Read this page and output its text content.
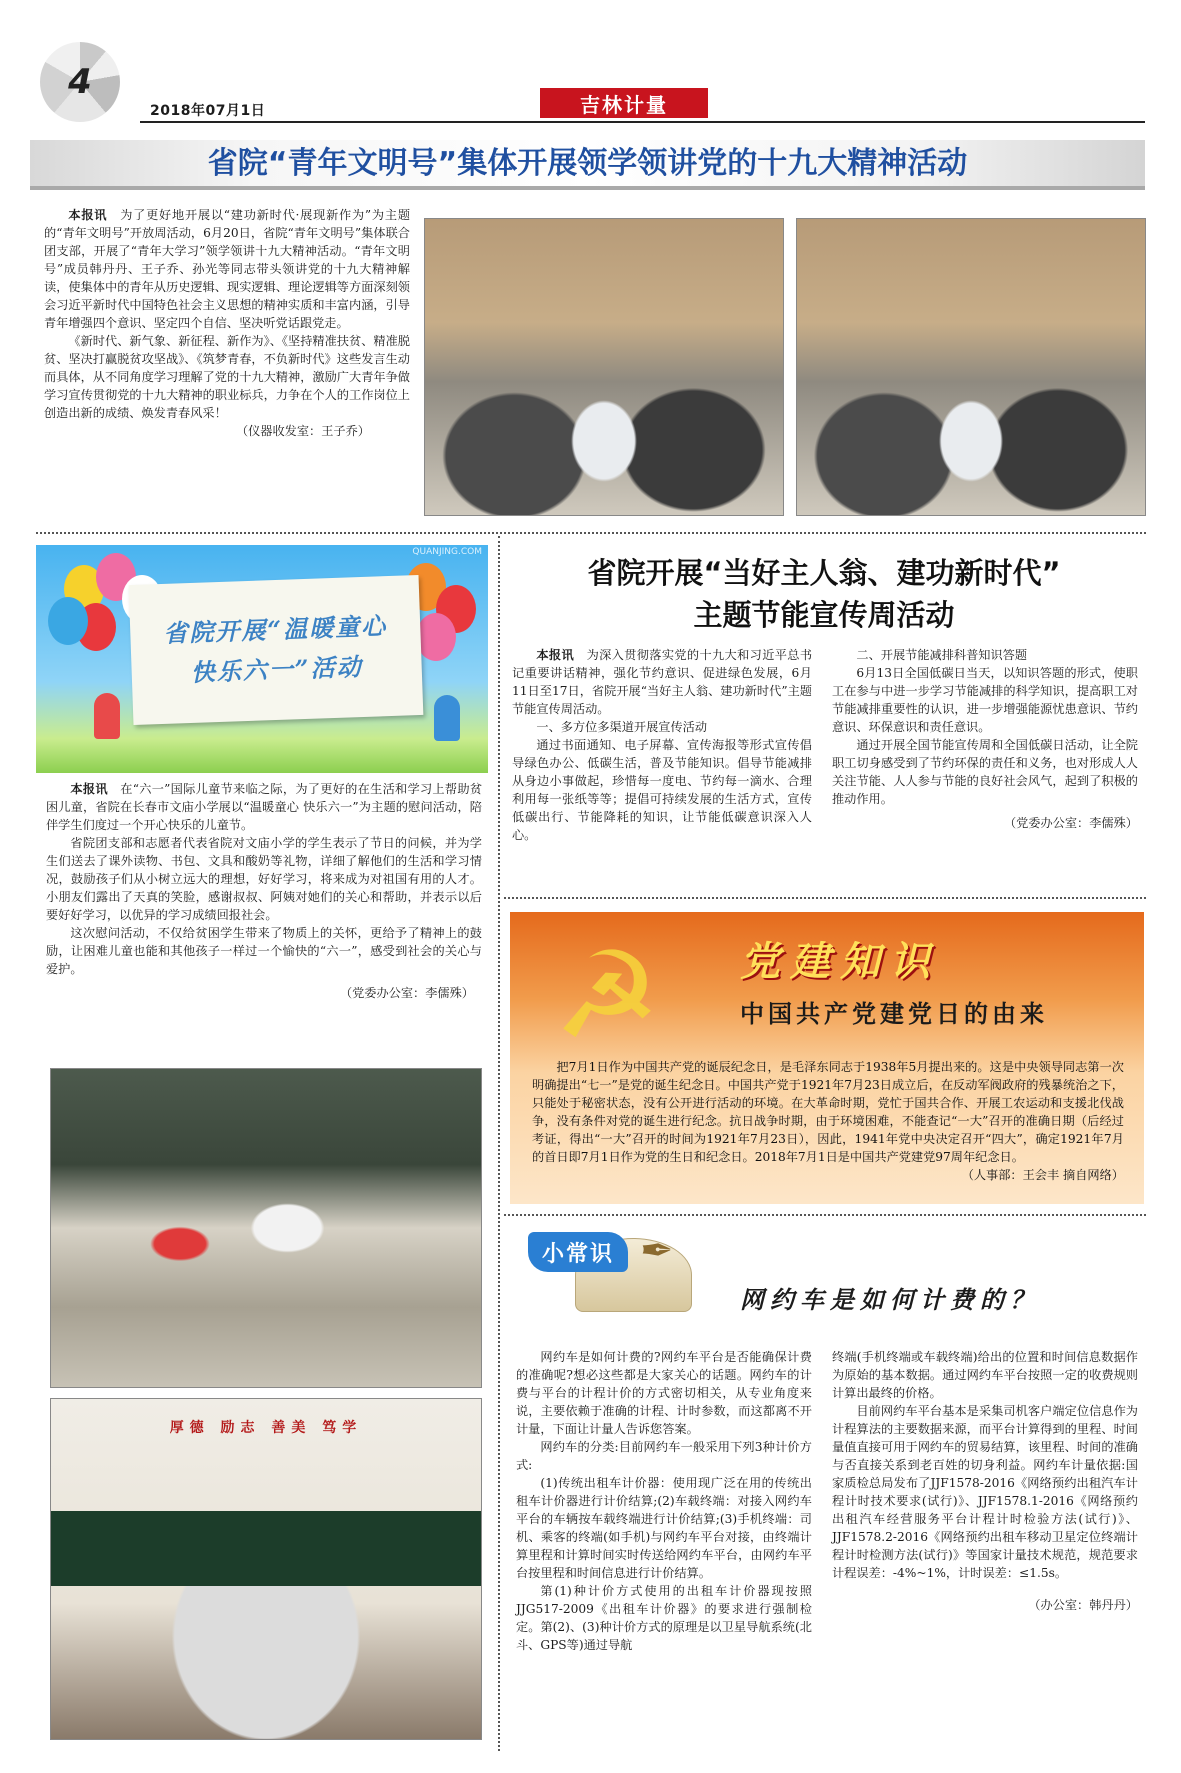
4
2018年07月1日	吉林计量
省院“青年文明号”集体开展领学领讲党的十九大精神活动

本报讯　 为了更好地开展以“建功新时代·展现新作为”为主题的“青年文明号”开放周活动，6月20日，省院“青年文明号”集体联合团支部，开展了“青年大学习”领学领讲十九大精神活动。“青年文明号”成员韩丹丹、王子乔、孙光等同志带头领讲党的十九大精神解读，使集体中的青年从历史逻辑、现实逻辑、理论逻辑等方面深刻领会习近平新时代中国特色社会主义思想的精神实质和丰富内涵，引导青年增强四个意识、坚定四个自信、坚决听党话跟党走。

《新时代、新气象、新征程、新作为》、《坚持精准扶贫、精准脱贫、坚决打赢脱贫攻坚战》、《筑梦青春，不负新时代》这些发言生动而具体，从不同角度学习理解了党的十九大精神，激励广大青年争做学习宣传贯彻党的十九大精神的职业标兵，力争在个人的工作岗位上创造出新的成绩、焕发青春风采！

（仪器收发室：王子乔）

QUANJING.COM
省院开展“温暖童心
快乐六一”活动

本报讯　 在“六一”国际儿童节来临之际，为了更好的在生活和学习上帮助贫困儿童，省院在长春市文庙小学展以“温暖童心 快乐六一”为主题的慰问活动，陪伴学生们度过一个开心快乐的儿童节。

省院团支部和志愿者代表省院对文庙小学的学生表示了节日的问候，并为学生们送去了课外读物、书包、文具和酸奶等礼物，详细了解他们的生活和学习情况，鼓励孩子们从小树立远大的理想，好好学习，将来成为对祖国有用的人才。小朋友们露出了天真的笑脸，感谢叔叔、阿姨对她们的关心和帮助，并表示以后要好好学习，以优异的学习成绩回报社会。

这次慰问活动，不仅给贫困学生带来了物质上的关怀，更给予了精神上的鼓励，让困难儿童也能和其他孩子一样过一个愉快的“六一”，感受到社会的关心与爱护。

（党委办公室：李儒殊）

厚德 励志 善美 笃学
省院开展“当好主人翁、建功新时代”
主题节能宣传周活动

本报讯　 为深入贯彻落实党的十九大和习近平总书记重要讲话精神，强化节约意识、促进绿色发展，6月11日至17日，省院开展“当好主人翁、建功新时代”主题节能宣传周活动。

一、多方位多渠道开展宣传活动

通过书面通知、电子屏幕、宣传海报等形式宣传倡导绿色办公、低碳生活，普及节能知识。倡导节能减排从身边小事做起，珍惜每一度电、节约每一滴水、合理利用每一张纸等等；提倡可持续发展的生活方式，宣传低碳出行、节能降耗的知识，让节能低碳意识深入人心。

二、开展节能减排科普知识答题

6月13日全国低碳日当天，以知识答题的形式，使职工在参与中进一步学习节能减排的科学知识，提高职工对节能减排重要性的认识，进一步增强能源忧患意识、节约意识、环保意识和责任意识。

通过开展全国节能宣传周和全国低碳日活动，让全院职工切身感受到了节约环保的责任和义务，也对形成人人关注节能、人人参与节能的良好社会风气，起到了积极的推动作用。

（党委办公室：李儒殊）

☭ 党建知识
中国共产党建党日的由来

把7月1日作为中国共产党的诞辰纪念日，是毛泽东同志于1938年5月提出来的。这是中央领导同志第一次明确提出“七一”是党的诞生纪念日。中国共产党于1921年7月23日成立后，在反动军阀政府的残暴统治之下，只能处于秘密状态，没有公开进行活动的环境。在大革命时期，党忙于国共合作、开展工农运动和支援北伐战争，没有条件对党的诞生进行纪念。抗日战争时期，由于环境困难，不能查记“一大”召开的准确日期（后经过考证，得出“一大”召开的时间为1921年7月23日），因此，1941年党中央决定召开“四大”，确定1921年7月的首日即7月1日作为党的生日和纪念日。2018年7月1日是中国共产党建党97周年纪念日。

（人事部：王会丰 摘自网络）

✒
小常识
网约车是如何计费的？

网约车是如何计费的?网约车平台是否能确保计费的准确呢?想必这些都是大家关心的话题。网约车的计费与平台的计程计价的方式密切相关，从专业角度来说，主要依赖于准确的计程、计时参数，而这都离不开计量，下面让计量人告诉您答案。

网约车的分类:目前网约车一般采用下列3种计价方式:

(1)传统出租车计价器：使用现广泛在用的传统出租车计价器进行计价结算;(2)车载终端：对接入网约车平台的车辆按车载终端进行计价结算;(3)手机终端：司机、乘客的终端(如手机)与网约车平台对接，由终端计算里程和计算时间实时传送给网约车平台，由网约车平台按里程和时间信息进行计价结算。

第(1)种计价方式使用的出租车计价器现按照JJG517-2009《出租车计价器》的要求进行强制检定。第(2)、(3)种计价方式的原理是以卫星导航系统(北斗、GPS等)通过导航

终端(手机终端或车载终端)给出的位置和时间信息数据作为原始的基本数据。通过网约车平台按照一定的收费规则计算出最终的价格。

目前网约车平台基本是采集司机客户端定位信息作为计程算法的主要数据来源，而平台计算得到的里程、时间量值直接可用于网约车的贸易结算，该里程、时间的准确与否直接关系到老百姓的切身利益。网约车计量依据:国家质检总局发布了JJF1578-2016《网络预约出租汽车计程计时技术要求(试行)》、JJF1578.1-2016《网络预约出租汽车经营服务平台计程计时检验方法(试行)》、JJF1578.2-2016《网络预约出租车移动卫星定位终端计程计时检测方法(试行)》等国家计量技术规范，规范要求计程误差：-4%~1%，计时误差：≤1.5s。

（办公室：韩丹丹）
